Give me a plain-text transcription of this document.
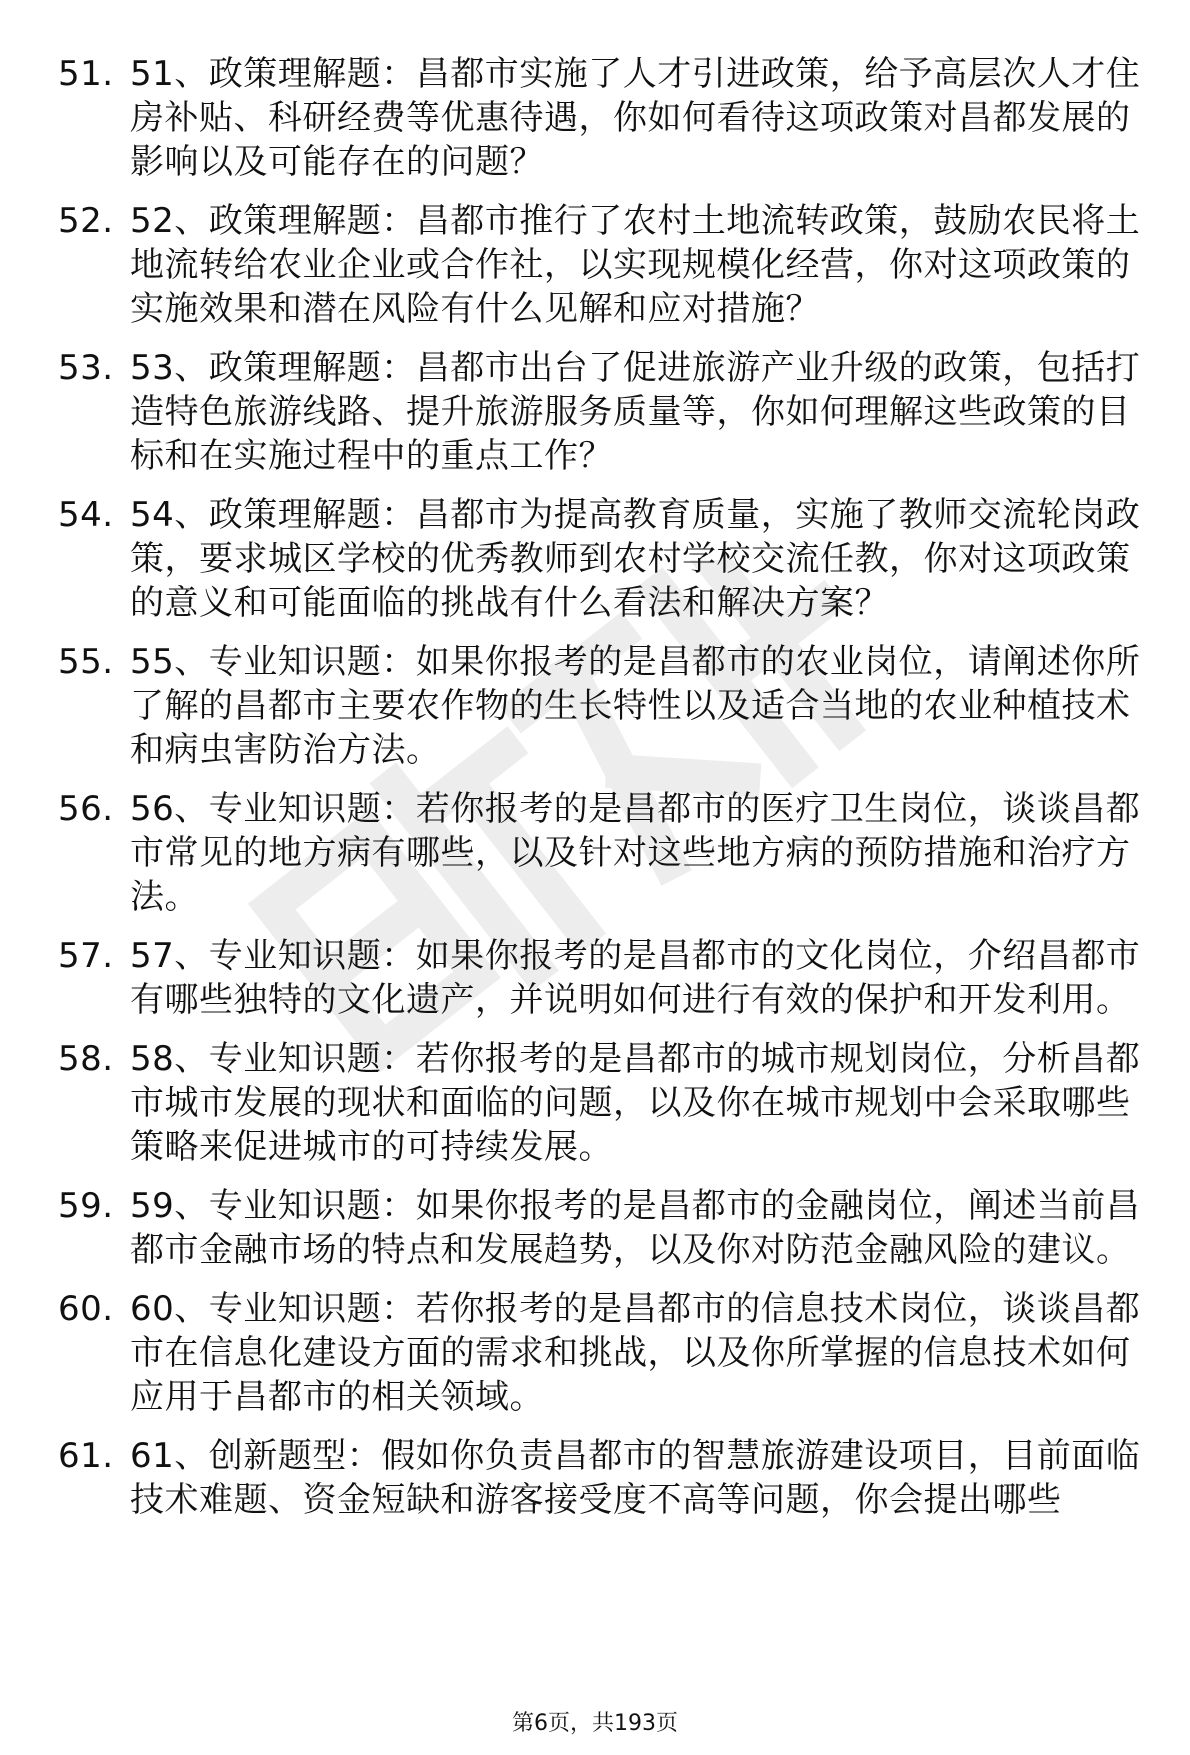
51. 51、政策理解题：昌都市实施了人才引进政策，给予高层次人才住房补贴、科研经费等优惠待遇，你如何看待这项政策对昌都发展的影响以及可能存在的问题？
52. 52、政策理解题：昌都市推行了农村土地流转政策，鼓励农民将土地流转给农业企业或合作社，以实现规模化经营，你对这项政策的实施效果和潜在风险有什么见解和应对措施？
53. 53、政策理解题：昌都市出台了促进旅游产业升级的政策，包括打造特色旅游线路、提升旅游服务质量等，你如何理解这些政策的目标和在实施过程中的重点工作？
54. 54、政策理解题：昌都市为提高教育质量，实施了教师交流轮岗政策，要求城区学校的优秀教师到农村学校交流任教，你对这项政策的意义和可能面临的挑战有什么看法和解决方案？
55. 55、专业知识题：如果你报考的是昌都市的农业岗位，请阐述你所了解的昌都市主要农作物的生长特性以及适合当地的农业种植技术和病虫害防治方法。
56. 56、专业知识题：若你报考的是昌都市的医疗卫生岗位，谈谈昌都市常见的地方病有哪些，以及针对这些地方病的预防措施和治疗方法。
57. 57、专业知识题：如果你报考的是昌都市的文化岗位，介绍昌都市有哪些独特的文化遗产，并说明如何进行有效的保护和开发利用。
58. 58、专业知识题：若你报考的是昌都市的城市规划岗位，分析昌都市城市发展的现状和面临的问题，以及你在城市规划中会采取哪些策略来促进城市的可持续发展。
59. 59、专业知识题：如果你报考的是昌都市的金融岗位，阐述当前昌都市金融市场的特点和发展趋势，以及你对防范金融风险的建议。
60. 60、专业知识题：若你报考的是昌都市的信息技术岗位，谈谈昌都市在信息化建设方面的需求和挑战，以及你所掌握的信息技术如何应用于昌都市的相关领域。
61. 61、创新题型：假如你负责昌都市的智慧旅游建设项目，目前面临技术难题、资金短缺和游客接受度不高等问题，你会提出哪些
第6页，共193页
